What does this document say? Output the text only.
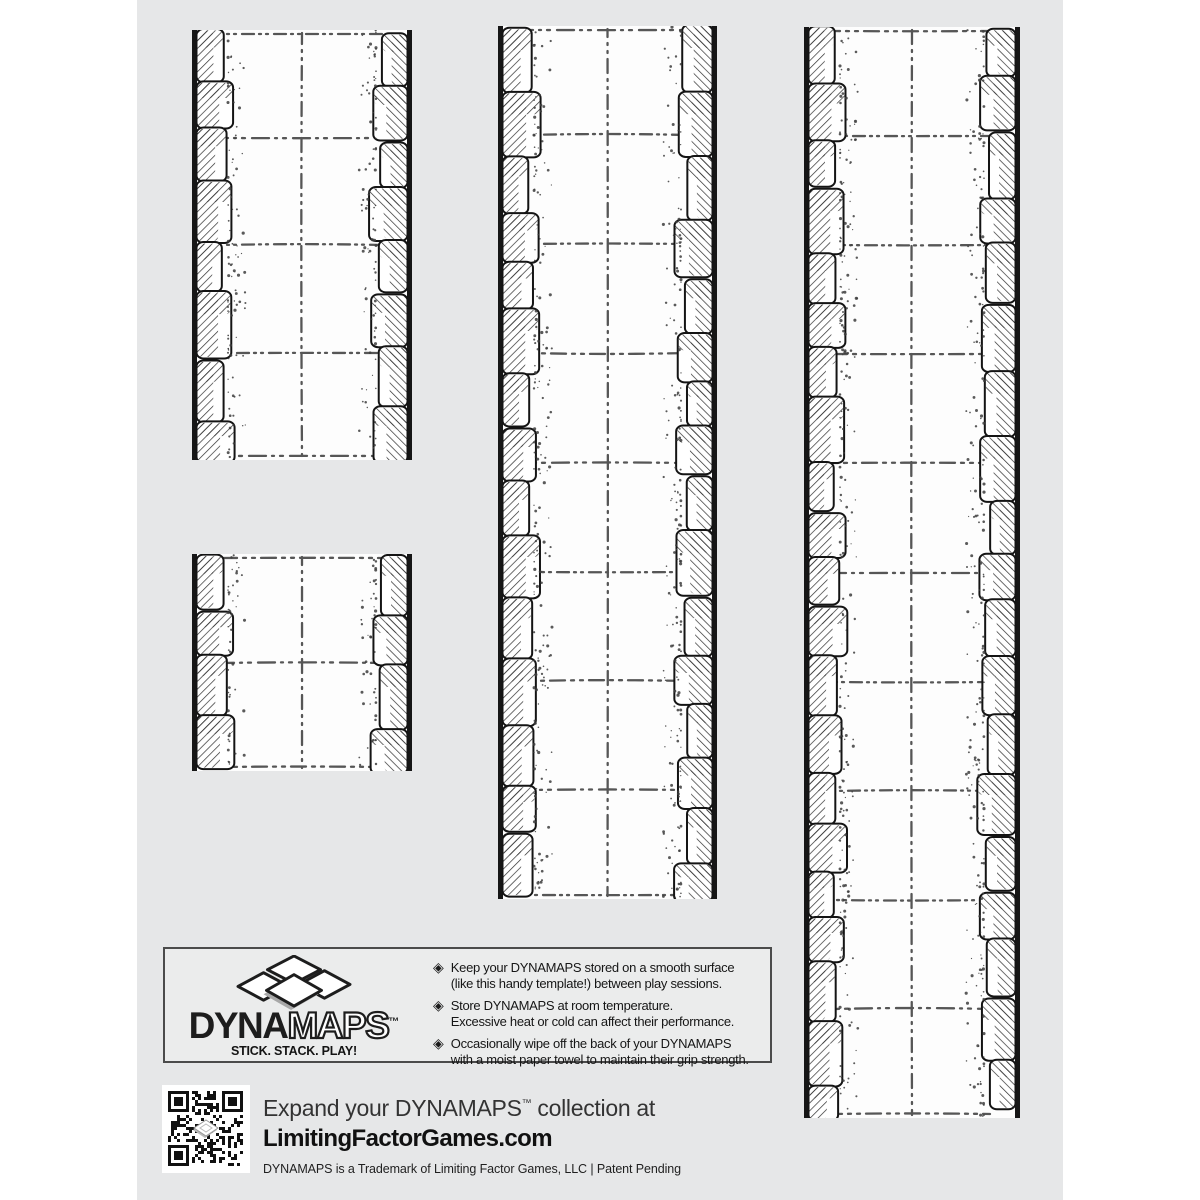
DYNAMAPS™
STICK. STACK. PLAY!
◈ Keep your DYNAMAPS stored on a smooth surface
(like this handy template!) between play sessions.
◈ Store DYNAMAPS at room temperature.
Excessive heat or cold can affect their performance.
◈ Occasionally wipe off the back of your DYNAMAPS
with a moist paper towel to maintain their grip strength.
Expand your DYNAMAPS™ collection at
LimitingFactorGames.com
DYNAMAPS is a Trademark of Limiting Factor Games, LLC | Patent Pending
